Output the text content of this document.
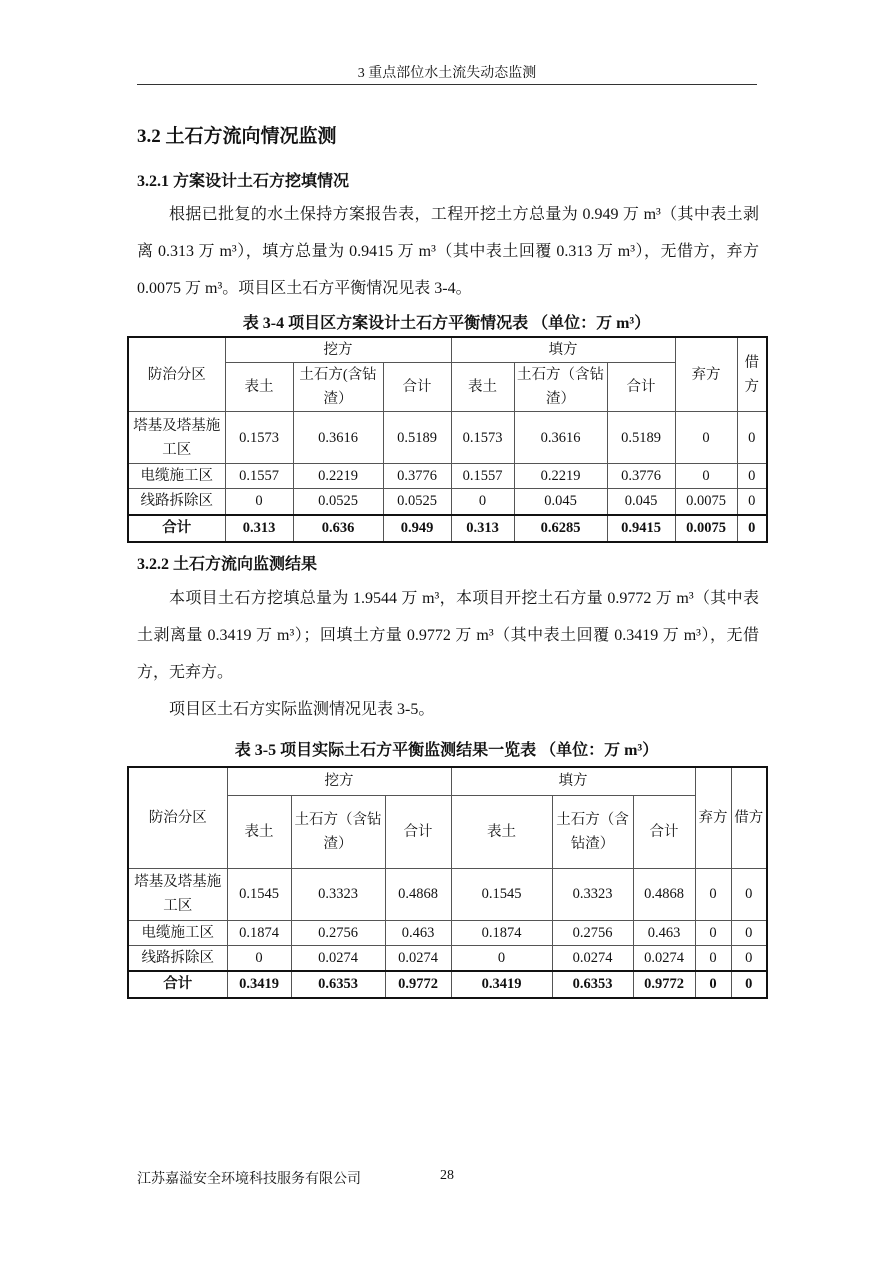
3 重点部位水土流失动态监测
3.2 土石方流向情况监测
3.2.1 方案设计土石方挖填情况

根据已批复的水土保持方案报告表，工程开挖土方总量为 0.949 万 m³（其中表土剥离 0.313 万 m³），填方总量为 0.9415 万 m³（其中表土回覆 0.313 万 m³），无借方，弃方 0.0075 万 m³。项目区土石方平衡情况见表 3-4。

表 3-4 项目区方案设计土石方平衡情况表 （单位：万 m³）
防治分区	挖方			填方			弃方	借方
	表土	土石方(含钻渣）	合计	表土	土石方（含钻渣）	合计		
塔基及塔基施工区	0.1573	0.3616	0.5189	0.1573	0.3616	0.5189	0	0
电缆施工区	0.1557	0.2219	0.3776	0.1557	0.2219	0.3776	0	0
线路拆除区	0	0.0525	0.0525	0	0.045	0.045	0.0075	0
合计	0.313	0.636	0.949	0.313	0.6285	0.9415	0.0075	0
3.2.2 土石方流向监测结果

本项目土石方挖填总量为 1.9544 万 m³，本项目开挖土石方量 0.9772 万 m³（其中表土剥离量 0.3419 万 m³）；回填土方量 0.9772 万 m³（其中表土回覆 0.3419 万 m³），无借方，无弃方。

项目区土石方实际监测情况见表 3-5。

表 3-5 项目实际土石方平衡监测结果一览表 （单位：万 m³）
防治分区	挖方			填方			弃方	借方
	表土	土石方（含钻渣）	合计	表土	土石方（含钻渣）	合计		
塔基及塔基施工区	0.1545	0.3323	0.4868	0.1545	0.3323	0.4868	0	0
电缆施工区	0.1874	0.2756	0.463	0.1874	0.2756	0.463	0	0
线路拆除区	0	0.0274	0.0274	0	0.0274	0.0274	0	0
合计	0.3419	0.6353	0.9772	0.3419	0.6353	0.9772	0	0
江苏嘉溢安全环境科技服务有限公司	28
